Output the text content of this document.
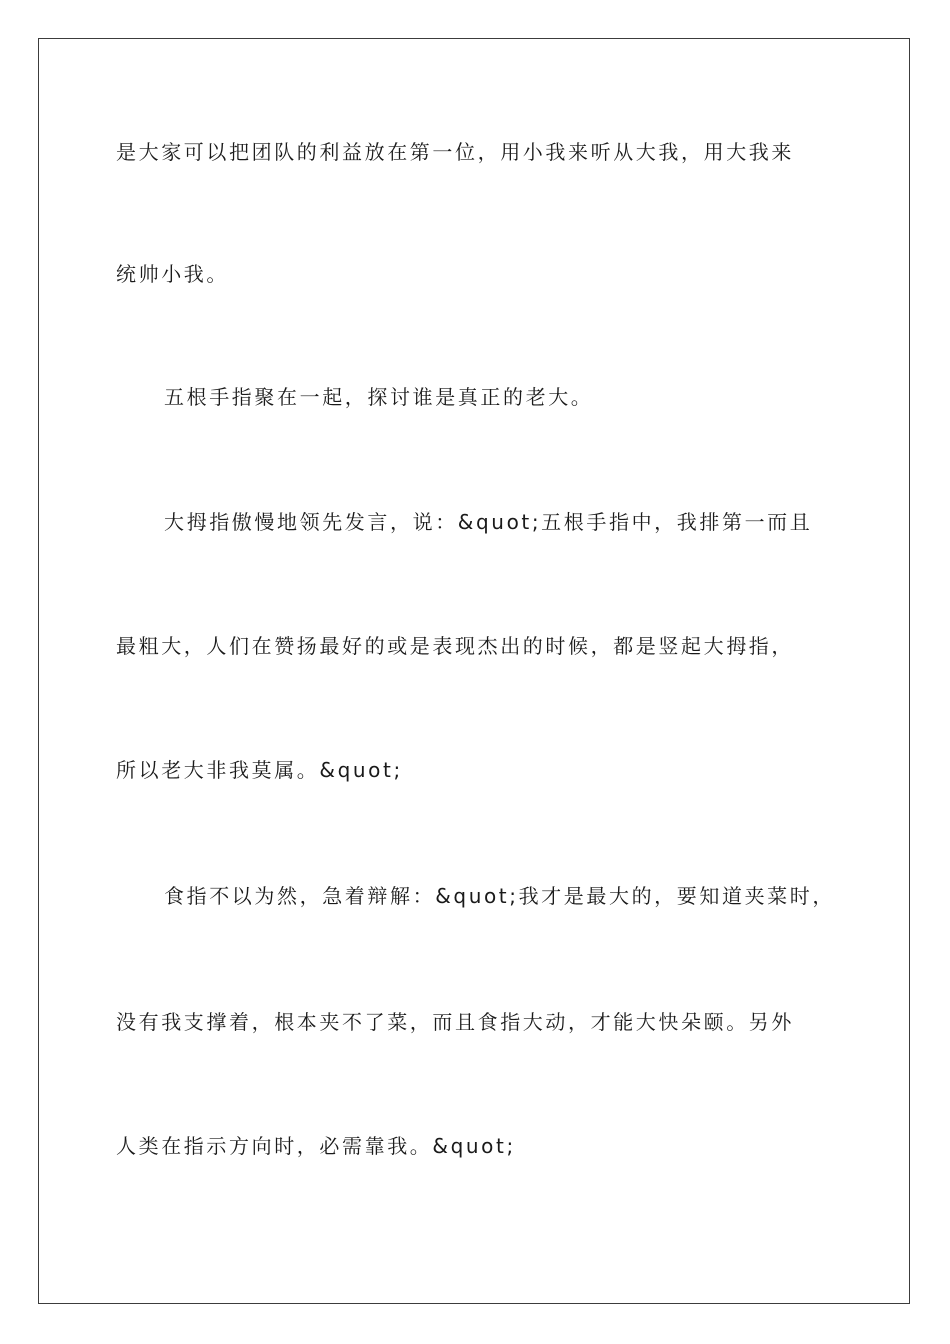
是大家可以把团队的利益放在第一位，用小我来听从大我，用大我来
统帅小我。
五根手指聚在一起，探讨谁是真正的老大。
大拇指傲慢地领先发言，说：&quot;五根手指中，我排第一而且
最粗大，人们在赞扬最好的或是表现杰出的时候，都是竖起大拇指，
所以老大非我莫属。&quot;
食指不以为然，急着辩解：&quot;我才是最大的，要知道夹菜时，
没有我支撑着，根本夹不了菜，而且食指大动，才能大快朵颐。另外
人类在指示方向时，必需靠我。&quot;
